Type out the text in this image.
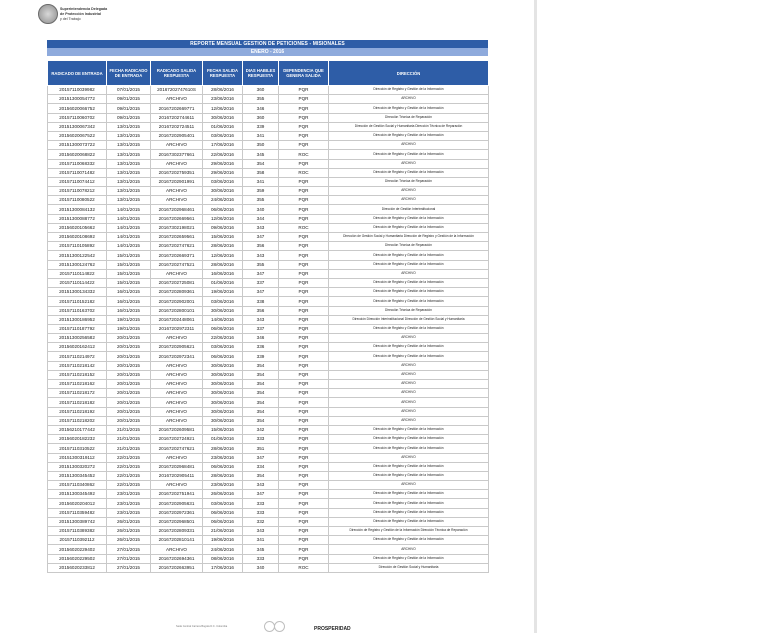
Superintendencia Delegada
de Protección Industrial
y del Trabajo
REPORTE MENSUAL GESTION DE PETICIONES - MISIONALES
ENERO - 2016
RADICADO DE ENTRADA	FECHA RADICADO DE ENTRADA	RADICADO SALIDA RESPUESTA	FECHA SALIDA RESPUESTA	DIAS HABILES RESPUESTA	DEPENDENCIA QUE GENERA SALIDA	DIRECCIÓN
20157110039982	07/01/2015	20167202747610S	28/06/2016	360	PQR	Dirección de Registro y Gestión de la Información
20151300054772	09/01/2015	ARCHIVO	23/06/2016	355	PQR	ARCHIVO
20156020066752	09/01/2015	20167202669771	12/06/2016	346	PQR	Dirección de Registro y Gestión de la Información
20157110060702	09/01/2015	20167202744611	30/06/2016	360	PQR	Dirección Técnica de Reparación
20151300067342	13/01/2015	20167202724511	01/06/2016	339	PQR	Dirección de Gestión Social y Humanitaria Dirección Técnica de Reparación
20156020067522	13/01/2015	20167202905401	03/06/2016	341	PQR	Dirección de Registro y Gestión de la Información
20151300073722	13/01/2015	ARCHIVO	17/06/2016	350	PQR	ARCHIVO
20156020068822	13/01/2015	20167302377661	22/06/2016	345	ROC	Dirección de Registro y Gestión de la Información
20157110068332	13/01/2015	ARCHIVO	29/06/2016	354	PQR	ARCHIVO
20157110071482	13/01/2015	20167202759351	29/06/2016	358	ROC	Dirección de Registro y Gestión de la Información
20157110074412	13/01/2015	20167202901991	03/06/2016	341	PQR	Dirección Técnica de Reparación
20157110078212	13/01/2015	ARCHIVO	30/06/2016	359	PQR	ARCHIVO
20157110080522	13/01/2015	ARCHIVO	24/06/2016	355	PQR	ARCHIVO
20151300084132	14/01/2015	20167202968461	06/06/2016	340	PQR	Dirección de Gestión Interinstitucional
20151300088772	14/01/2015	20167202669561	12/06/2016	344	PQR	Dirección de Registro y Gestión de la Información
20156020105662	14/01/2015	20167302198021	09/06/2016	343	ROC	Dirección de Registro y Gestión de la Información
20156020108692	14/01/2015	20167202659561	15/06/2016	347	PQR	Dirección de Gestión Social y Humanitaria Dirección de Registro y Gestión de la Información
20157110105892	14/01/2015	20167202747621	28/06/2016	356	PQR	Dirección Técnica de Reparación
20151300122542	15/01/2015	20167202669371	12/06/2016	343	PQR	Dirección de Registro y Gestión de la Información
20151300124762	15/01/2015	20167202747521	28/06/2016	355	PQR	Dirección de Registro y Gestión de la Información
20157110114822	15/01/2015	ARCHIVO	16/06/2016	347	PQR	ARCHIVO
20157110114422	15/01/2015	20167202725081	01/06/2016	337	PQR	Dirección de Registro y Gestión de la Información
20151300134332	16/01/2015	20167202809361	19/06/2016	347	PQR	Dirección de Registro y Gestión de la Información
20157110152182	16/01/2015	20167202902001	03/06/2016	338	PQR	Dirección de Registro y Gestión de la Información
20157110163702	16/01/2015	20167202800101	30/06/2016	356	PQR	Dirección Técnica de Reparación
20151300186952	19/01/2015	20167202448061	14/06/2016	343	PQR	Dirección Dirección Interinstitucional Dirección de Gestión Social y Humanitaria
20157110187792	19/01/2015	20167202972311	06/06/2016	337	PQR	Dirección de Registro y Gestión de la Información
20151300256582	20/01/2015	ARCHIVO	22/06/2016	346	PQR	ARCHIVO
20156020162412	20/01/2015	20167202905621	03/06/2016	336	PQR	Dirección de Registro y Gestión de la Información
20157110214972	20/01/2015	20167202972341	06/06/2016	339	PQR	Dirección de Registro y Gestión de la Información
20157110218142	20/01/2015	ARCHIVO	30/06/2016	354	PQR	ARCHIVO
20157110218152	20/01/2015	ARCHIVO	30/06/2016	354	PQR	ARCHIVO
20157110218162	20/01/2015	ARCHIVO	30/06/2016	354	PQR	ARCHIVO
20157110218172	20/01/2015	ARCHIVO	30/06/2016	354	PQR	ARCHIVO
20157110218182	20/01/2015	ARCHIVO	30/06/2016	354	PQR	ARCHIVO
20157110218192	20/01/2015	ARCHIVO	30/06/2016	354	PQR	ARCHIVO
20157110218202	20/01/2015	ARCHIVO	30/06/2016	354	PQR	ARCHIVO
20156210177442	21/01/2015	20167202609581	15/06/2016	342	PQR	Dirección de Registro y Gestión de la Información
20156020182232	21/01/2015	20167202724921	01/06/2016	333	PQR	Dirección de Registro y Gestión de la Información
20157110310522	21/01/2015	20167202747621	28/06/2016	351	PQR	Dirección de Registro y Gestión de la Información
20151300319112	22/01/2015	ARCHIVO	23/06/2016	347	PQR	ARCHIVO
20151300320272	22/01/2015	20167202968481	06/06/2016	334	PQR	Dirección de Registro y Gestión de la Información
20151300345452	22/01/2015	20167202905411	28/06/2016	354	PQR	Dirección de Registro y Gestión de la Información
20157110340862	22/01/2015	ARCHIVO	23/06/2016	343	PQR	ARCHIVO
20151300345492	23/01/2015	20167202751941	26/06/2016	347	PQR	Dirección de Registro y Gestión de la Información
20156020204012	23/01/2015	20167202905631	03/06/2016	333	PQR	Dirección de Registro y Gestión de la Información
20157110359482	23/01/2015	20167202972361	06/06/2016	333	PQR	Dirección de Registro y Gestión de la Información
20151300389742	26/01/2015	20167202968501	06/06/2016	332	PQR	Dirección de Registro y Gestión de la Información
20157110389382	26/01/2015	20167202809331	21/06/2016	343	PQR	Dirección de Registro y Gestión de la Información Dirección Técnica de Reparación
20157110392112	26/01/2015	20167202810141	19/06/2016	341	PQR	Dirección de Registro y Gestión de la Información
20156020229402	27/01/2015	ARCHIVO	24/06/2016	345	PQR	ARCHIVO
20156020229502	27/01/2015	20167202694361	08/06/2016	333	PQR	Dirección de Registro y Gestión de la Información
20156020233812	27/01/2015	20167202663951	17/06/2016	340	ROC	Dirección de Gestión Social y Humanitaria
Sede Central Carrera Bogotá D.C. Colombia	PROSPERIDAD
